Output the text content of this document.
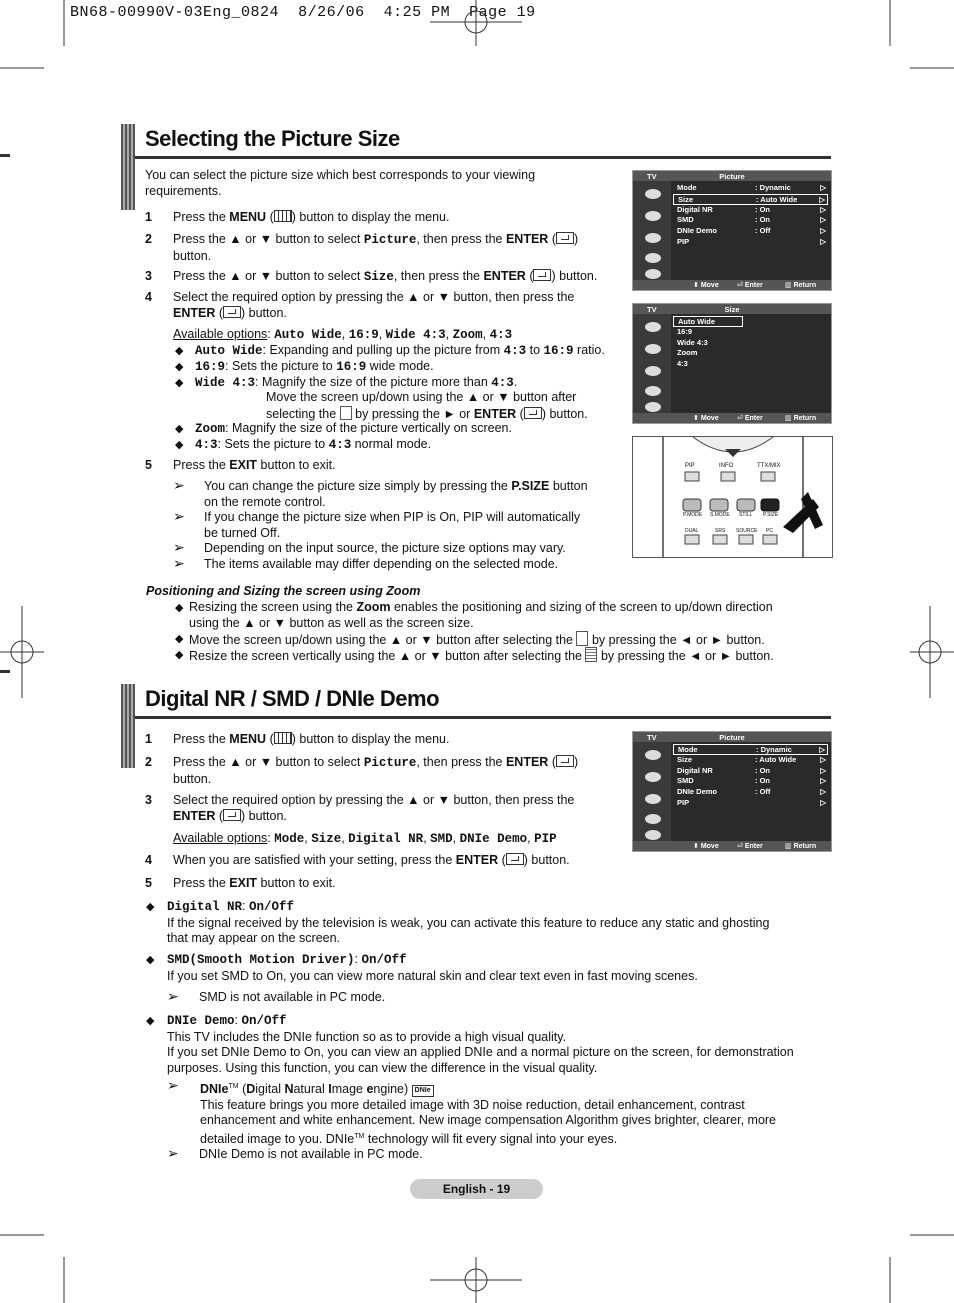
BN68-00990V-03Eng_0824 8/26/06 4:25 PM Page 19
Selecting the Picture Size
You can select the picture size which best corresponds to your viewing requirements.
1 Press the MENU ( ) button to display the menu.
2 Press the ▲ or ▼ button to select Picture, then press the ENTER ( )
button.
3 Press the ▲ or ▼ button to select Size, then press the ENTER ( ) button.
4 Select the required option by pressing the ▲ or ▼ button, then press the
ENTER ( ) button.
Available options: Auto Wide, 16:9, Wide 4:3, Zoom, 4:3
◆ Auto Wide: Expanding and pulling up the picture from 4:3 to 16:9 ratio.
◆ 16:9: Sets the picture to 16:9 wide mode.
◆ Wide 4:3: Magnify the size of the picture more than 4:3.
Move the screen up/down using the ▲ or ▼ button after
selecting the  by pressing the ► or ENTER ( ) button.
◆ Zoom: Magnify the size of the picture vertically on screen.
◆ 4:3: Sets the picture to 4:3 normal mode.
5 Press the EXIT button to exit.
➢ You can change the picture size simply by pressing the P.SIZE button
on the remote control.
➢ If you change the picture size when PIP is On, PIP will automatically
be turned Off.
➢ Depending on the input source, the picture size options may vary.
➢ The items available may differ depending on the selected mode.
Positioning and Sizing the screen using Zoom
◆ Resizing the screen using the Zoom enables the positioning and sizing of the screen to up/down direction
using the ▲ or ▼ button as well as the screen size.
◆ Move the screen up/down using the ▲ or ▼ button after selecting the  by pressing the ◄ or ► button.
◆ Resize the screen vertically using the ▲ or ▼ button after selecting the  by pressing the ◄ or ► button.
Picture
TV
Mode	: Dynamic	▷
Size	: Auto Wide	▷
Digital NR	: On	▷
SMD	: On	▷
DNIe Demo	: Off	▷
PIP	▷
⬍ Move	⏎ Enter	▥ Return
Size
TV
Auto Wide
16:9
Wide 4:3
Zoom
4:3
⬍ Move	⏎ Enter	▥ Return
PIP	INFO	TTX/MIX
P.MODE S.MODE STILL P.SIZE
DUAL	SRS SOURCE PC
Digital NR / SMD / DNIe Demo
1 Press the MENU ( ) button to display the menu.
2 Press the ▲ or ▼ button to select Picture, then press the ENTER ( )
button.
3 Select the required option by pressing the ▲ or ▼ button, then press the
ENTER ( ) button.
Available options: Mode, Size, Digital NR, SMD, DNIe Demo, PIP
4 When you are satisfied with your setting, press the ENTER ( ) button.
5 Press the EXIT button to exit.
◆ Digital NR: On/Off
If the signal received by the television is weak, you can activate this feature to reduce any static and ghosting
that may appear on the screen.
◆ SMD(Smooth Motion Driver): On/Off
If you set SMD to On, you can view more natural skin and clear text even in fast moving scenes.
➢ SMD is not available in PC mode.
◆ DNIe Demo: On/Off
This TV includes the DNIe function so as to provide a high visual quality.
If you set DNIe Demo to On, you can view an applied DNIe and a normal picture on the screen, for demonstration
purposes. Using this function, you can view the difference in the visual quality.
➢ DNIe™ (Digital Natural Image engine) DNIe
This feature brings you more detailed image with 3D noise reduction, detail enhancement, contrast
enhancement and white enhancement. New image compensation Algorithm gives brighter, clearer, more
detailed image to you. DNIe™ technology will fit every signal into your eyes.
➢ DNIe Demo is not available in PC mode.
Picture
TV
Mode	: Dynamic	▷
Size	: Auto Wide	▷
Digital NR	: On	▷
SMD	: On	▷
DNIe Demo	: Off	▷
PIP	▷
⬍ Move	⏎ Enter	▥ Return
English - 19
